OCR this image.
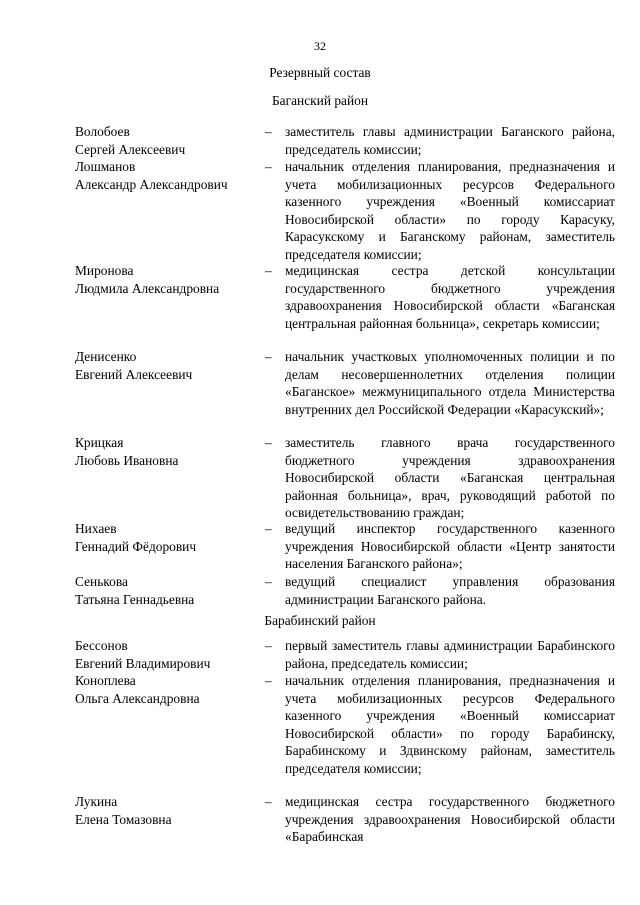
32
Резервный состав
Баганский район
Волобоев
Сергей Алексеевич
– заместитель главы администрации Баганского района, председатель комиссии;
Лошманов
Александр Александрович
– начальник отделения планирования, предназначения и учета мобилизационных ресурсов Федерального казенного учреждения «Военный комиссариат Новосибирской области» по городу Карасуку, Карасукскому и Баганскому районам, заместитель председателя комиссии;
Миронова
Людмила Александровна
– медицинская сестра детской консультации государственного бюджетного учреждения здравоохранения Новосибирской области «Баганская центральная районная больница», секретарь комиссии;
Денисенко
Евгений Алексеевич
– начальник участковых уполномоченных полиции и по делам несовершеннолетних отделения полиции «Баганское» межмуниципального отдела Министерства внутренних дел Российской Федерации «Карасукский»;
Крицкая
Любовь Ивановна
– заместитель главного врача государственного бюджетного учреждения здравоохранения Новосибирской области «Баганская центральная районная больница», врач, руководящий работой по освидетельствованию граждан;
Нихаев
Геннадий Фёдорович
– ведущий инспектор государственного казенного учреждения Новосибирской области «Центр занятости населения Баганского района»;
Сенькова
Татьяна Геннадьевна
– ведущий специалист управления образования администрации Баганского района.
Барабинский район
Бессонов
Евгений Владимирович
– первый заместитель главы администрации Барабинского района, председатель комиссии;
Коноплева
Ольга Александровна
– начальник отделения планирования, предназначения и учета мобилизационных ресурсов Федерального казенного учреждения «Военный комиссариат Новосибирской области» по городу Барабинску, Барабинскому и Здвинскому районам, заместитель председателя комиссии;
Лукина
Елена Томазовна
– медицинская сестра государственного бюджетного учреждения здравоохранения Новосибирской области «Барабинская
